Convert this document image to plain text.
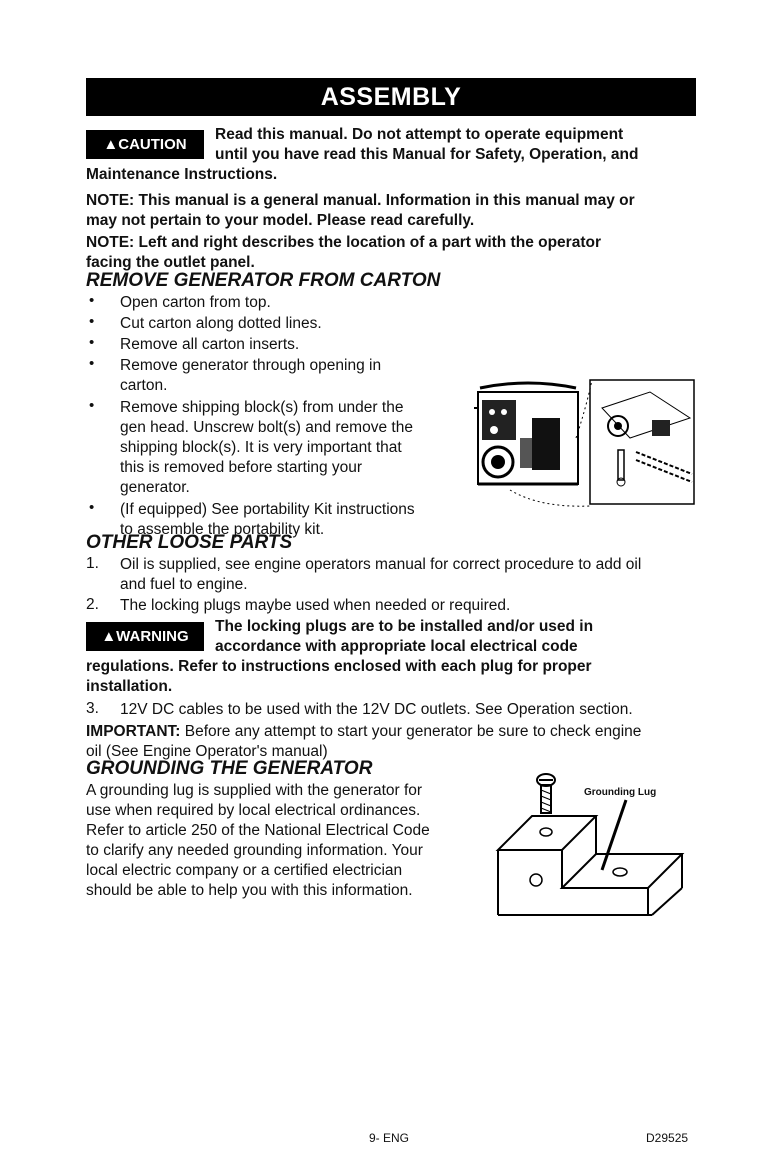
ASSEMBLY
▲CAUTION
Read this manual. Do not attempt to operate equipment
until you have read this Manual for Safety, Operation, and
Maintenance Instructions.
NOTE: This manual is a general manual. Information in this manual may or
may not pertain to your model. Please read carefully.
NOTE: Left and right describes the location of a part with the operator
facing the outlet panel.
REMOVE GENERATOR FROM CARTON
• Open carton from top.
• Cut carton along dotted lines.
• Remove all carton inserts.
• Remove generator through opening in
carton.
• Remove shipping block(s) from under the
gen head. Unscrew bolt(s) and remove the
shipping block(s). It is very important that
this is removed before starting your
generator.
• (If equipped) See portability Kit instructions
to assemble the portability kit.
OTHER LOOSE PARTS
1. Oil is supplied, see engine operators manual for correct procedure to add oil
and fuel to engine.
2. The locking plugs maybe used when needed or required.
▲WARNING
The locking plugs are to be installed and/or used in
accordance with appropriate local electrical code
regulations. Refer to instructions enclosed with each plug for proper
installation.
3. 12V DC cables to be used with the 12V DC outlets. See Operation section.
IMPORTANT: Before any attempt to start your generator be sure to check engine
oil (See Engine Operator's manual)
GROUNDING THE GENERATOR
A grounding lug is supplied with the generator for
use when required by local electrical ordinances.
Refer to article 250 of the National Electrical Code
to clarify any needed grounding information. Your
local electric company or a certified electrician
should be able to help you with this information.
Grounding Lug
9- ENG	D29525
